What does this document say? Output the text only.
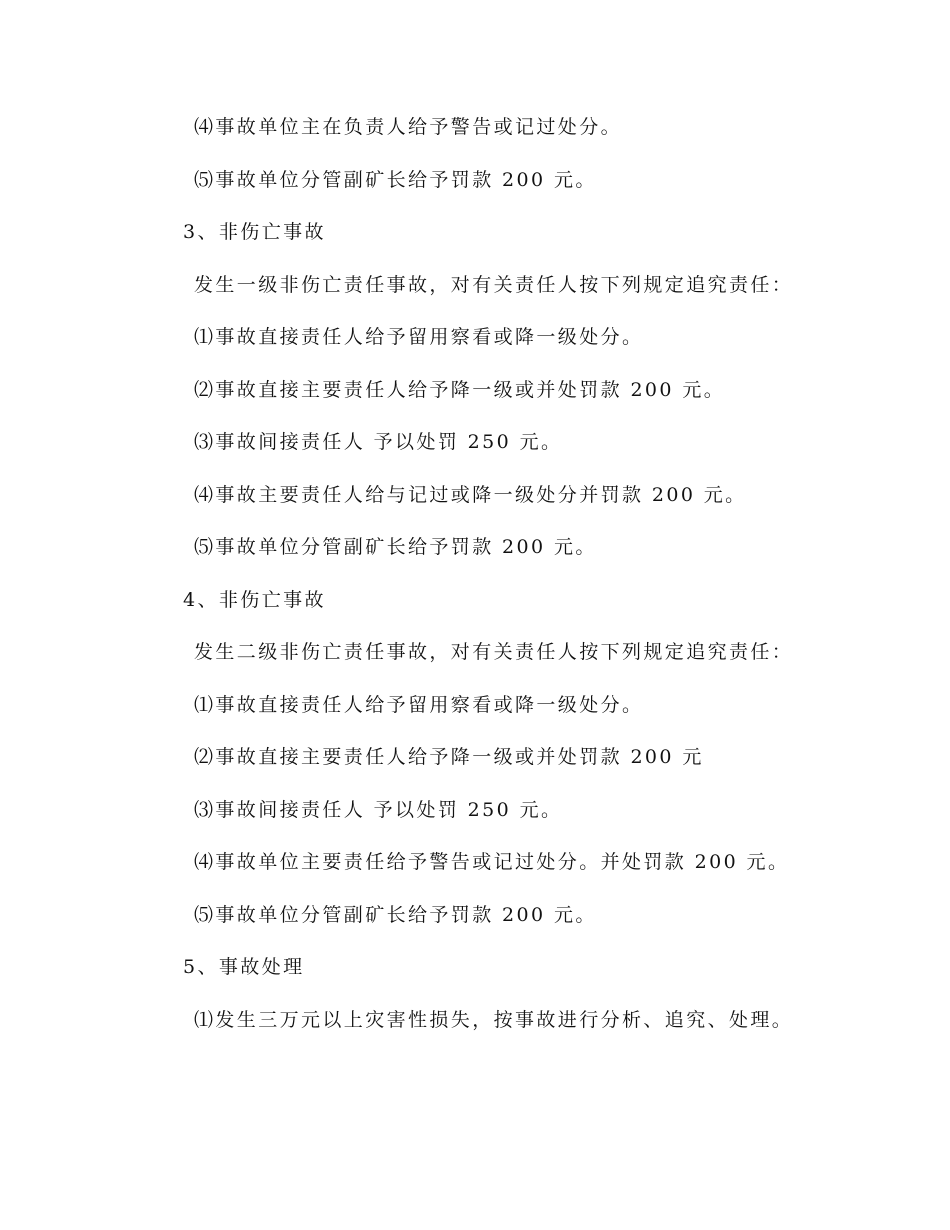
⑷事故单位主在负责人给予警告或记过处分。
⑸事故单位分管副矿长给予罚款 200 元。
3、非伤亡事故
发生一级非伤亡责任事故，对有关责任人按下列规定追究责任：
⑴事故直接责任人给予留用察看或降一级处分。
⑵事故直接主要责任人给予降一级或并处罚款 200 元。
⑶事故间接责任人 予以处罚 250 元。
⑷事故主要责任人给与记过或降一级处分并罚款 200 元。
⑸事故单位分管副矿长给予罚款 200 元。
4、非伤亡事故
发生二级非伤亡责任事故，对有关责任人按下列规定追究责任：
⑴事故直接责任人给予留用察看或降一级处分。
⑵事故直接主要责任人给予降一级或并处罚款 200 元
⑶事故间接责任人 予以处罚 250 元。
⑷事故单位主要责任给予警告或记过处分。并处罚款 200 元。
⑸事故单位分管副矿长给予罚款 200 元。
5、事故处理
⑴发生三万元以上灾害性损失，按事故进行分析、追究、处理。
